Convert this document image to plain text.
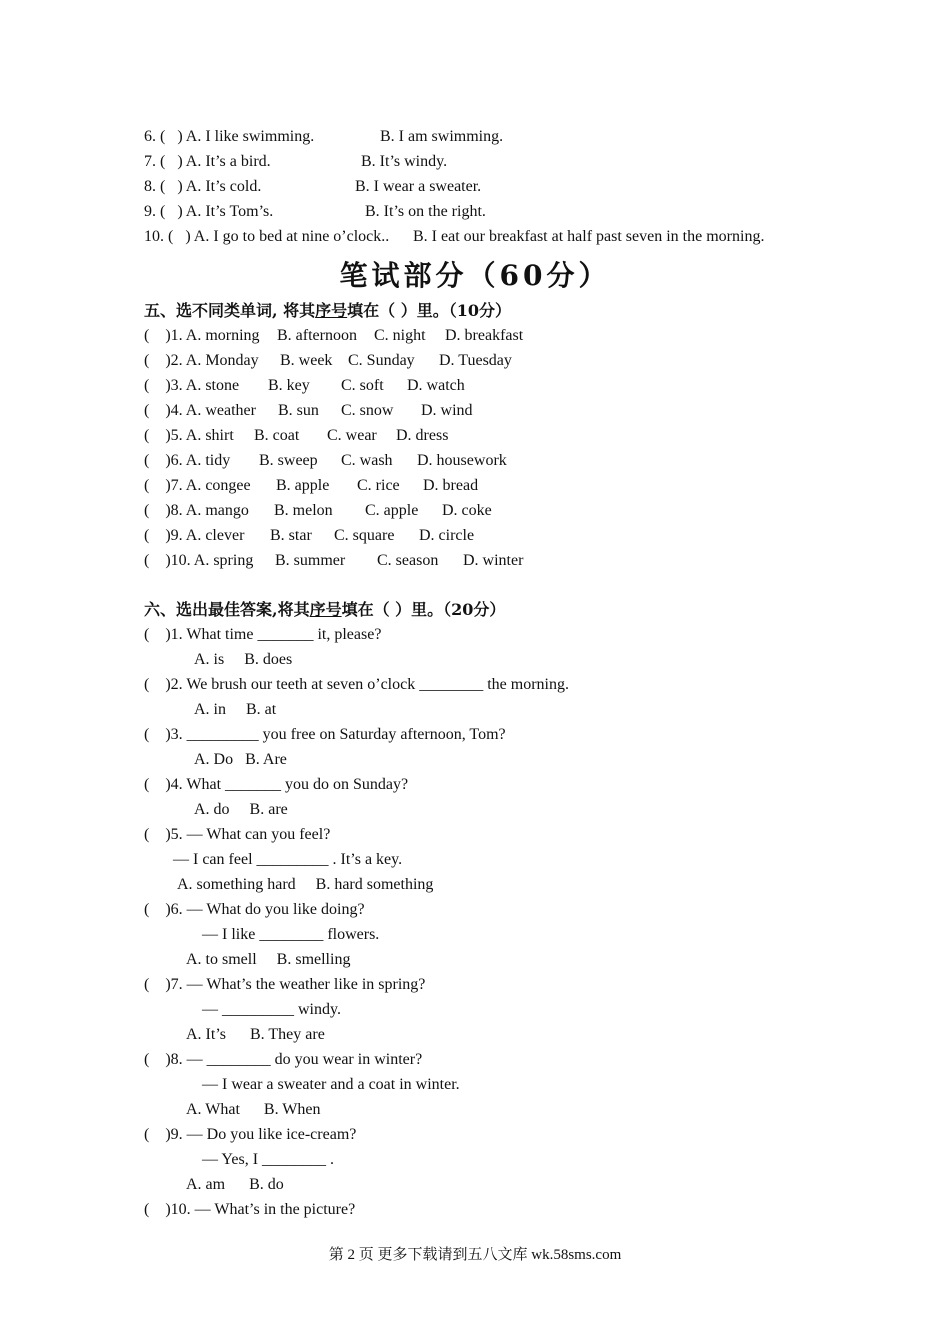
6. (   ) A. I like swimming.	B. I am swimming.
7. (   ) A. It’s a bird.	B. It’s windy.
8. (   ) A. It’s cold.	B. I wear a sweater.
9. (   ) A. It’s Tom’s.	B. It’s on the right.
10. (   ) A. I go to bed at nine o’clock.. B. I eat our breakfast at half past seven in the morning.
笔试部分（60分）
五、选不同类单词, 将其序号填在（ ）里。（10分）
(    )1. A. morning B. afternoon C. night D. breakfast
(    )2. A. Monday B. week C. Sunday D. Tuesday
(    )3. A. stone B. key C. soft D. watch
(    )4. A. weather B. sun C. snow D. wind
(    )5. A. shirt B. coat C. wear D. dress
(    )6. A. tidy B. sweep C. wash D. housework
(    )7. A. congee B. apple C. rice D. bread
(    )8. A. mango B. melon C. apple D. coke
(    )9. A. clever B. star C. square D. circle
(    )10. A. spring B. summer C. season D. winter
六、选出最佳答案,将其序号填在（ ）里。（20分）
(    )1. What time _______ it, please?
A. is     B. does
(    )2. We brush our teeth at seven o’clock ________ the morning.
A. in     B. at
(    )3. _________ you free on Saturday afternoon, Tom?
A. Do   B. Are
(    )4. What _______ you do on Sunday?
A. do     B. are
(    )5. — What can you feel?
— I can feel _________ . It’s a key.
A. something hard     B. hard something
(    )6. — What do you like doing?
— I like ________ flowers.
A. to smell     B. smelling
(    )7. — What’s the weather like in spring?
— _________ windy.
A. It’s      B. They are
(    )8. — ________ do you wear in winter?
— I wear a sweater and a coat in winter.
A. What      B. When
(    )9. — Do you like ice-cream?
— Yes, I ________ .
A. am      B. do
(    )10. — What’s in the picture?
第 2 页 更多下载请到五八文库 wk.58sms.com
